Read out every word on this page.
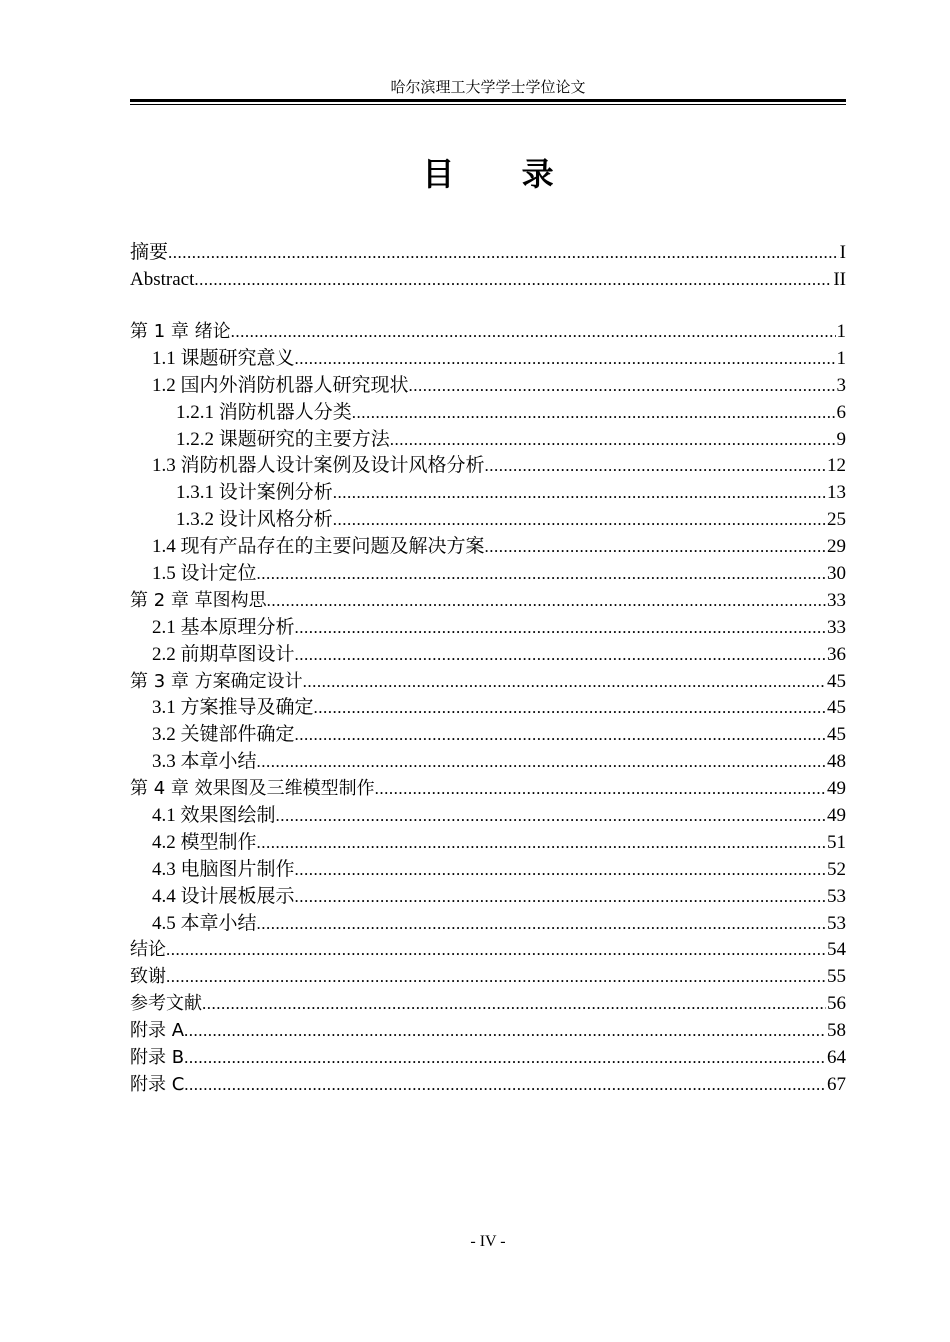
哈尔滨理工大学学士学位论文
目 录
摘要 .....	I
Abstract .....	II
第 1 章 绪论 .....	1
1.1 课题研究意义 .....	1
1.2 国内外消防机器人研究现状 .....	3
1.2.1 消防机器人分类 .....	6
1.2.2 课题研究的主要方法 .....	9
1.3 消防机器人设计案例及设计风格分析 .....	12
1.3.1 设计案例分析 .....	13
1.3.2 设计风格分析 .....	25
1.4 现有产品存在的主要问题及解决方案 .....	29
1.5 设计定位 .....	30
第 2 章 草图构思 .....	33
2.1 基本原理分析 .....	33
2.2 前期草图设计 .....	36
第 3 章 方案确定设计 .....	45
3.1 方案推导及确定 .....	45
3.2 关键部件确定 .....	45
3.3 本章小结 .....	48
第 4 章 效果图及三维模型制作 .....	49
4.1 效果图绘制 .....	49
4.2 模型制作 .....	51
4.3 电脑图片制作 .....	52
4.4 设计展板展示 .....	53
4.5 本章小结 .....	53
结论 .....	54
致谢 .....	55
参考文献 .....	56
附录 A .....	58
附录 B .....	64
附录 C .....	67
- IV -
